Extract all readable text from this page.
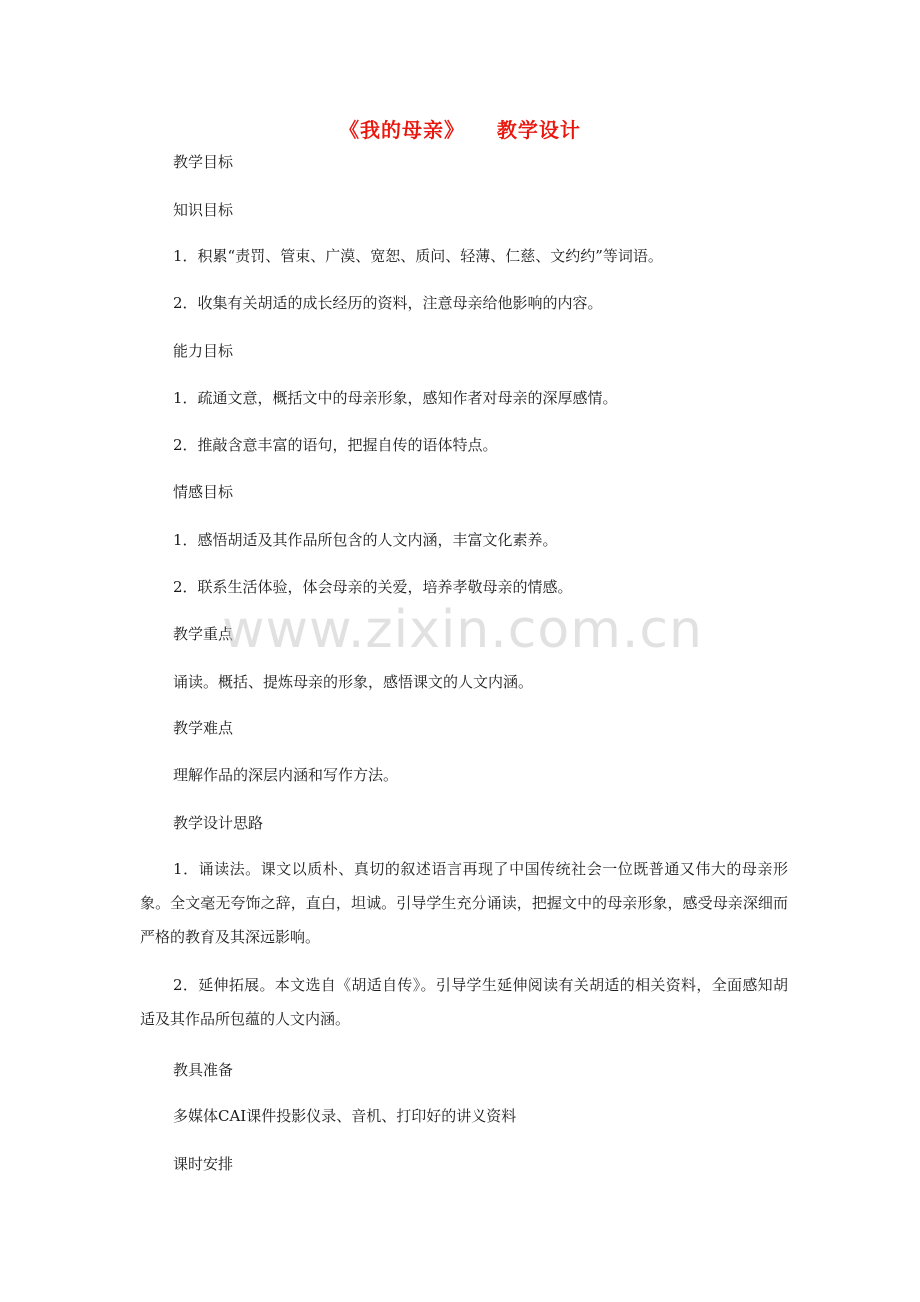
《我的母亲》    教学设计
教学目标
知识目标
1．积累“责罚、管束、广漠、宽恕、质问、轻薄、仁慈、文约约”等词语。
2．收集有关胡适的成长经历的资料，注意母亲给他影响的内容。
能力目标
1．疏通文意，概括文中的母亲形象，感知作者对母亲的深厚感情。
2．推敲含意丰富的语句，把握自传的语体特点。
情感目标
1．感悟胡适及其作品所包含的人文内涵，丰富文化素养。
2．联系生活体验，体会母亲的关爱，培养孝敬母亲的情感。
教学重点
诵读。概括、提炼母亲的形象，感悟课文的人文内涵。
教学难点
理解作品的深层内涵和写作方法。
教学设计思路
1．诵读法。课文以质朴、真切的叙述语言再现了中国传统社会一位既普通又伟大的母亲形象。全文毫无夸饰之辞，直白，坦诚。引导学生充分诵读，把握文中的母亲形象，感受母亲深细而严格的教育及其深远影响。
2．延伸拓展。本文选自《胡适自传》。引导学生延伸阅读有关胡适的相关资料，全面感知胡适及其作品所包蕴的人文内涵。
教具准备
多媒体CAI课件投影仪录、音机、打印好的讲义资料
课时安排
www.zixin.com.cn
